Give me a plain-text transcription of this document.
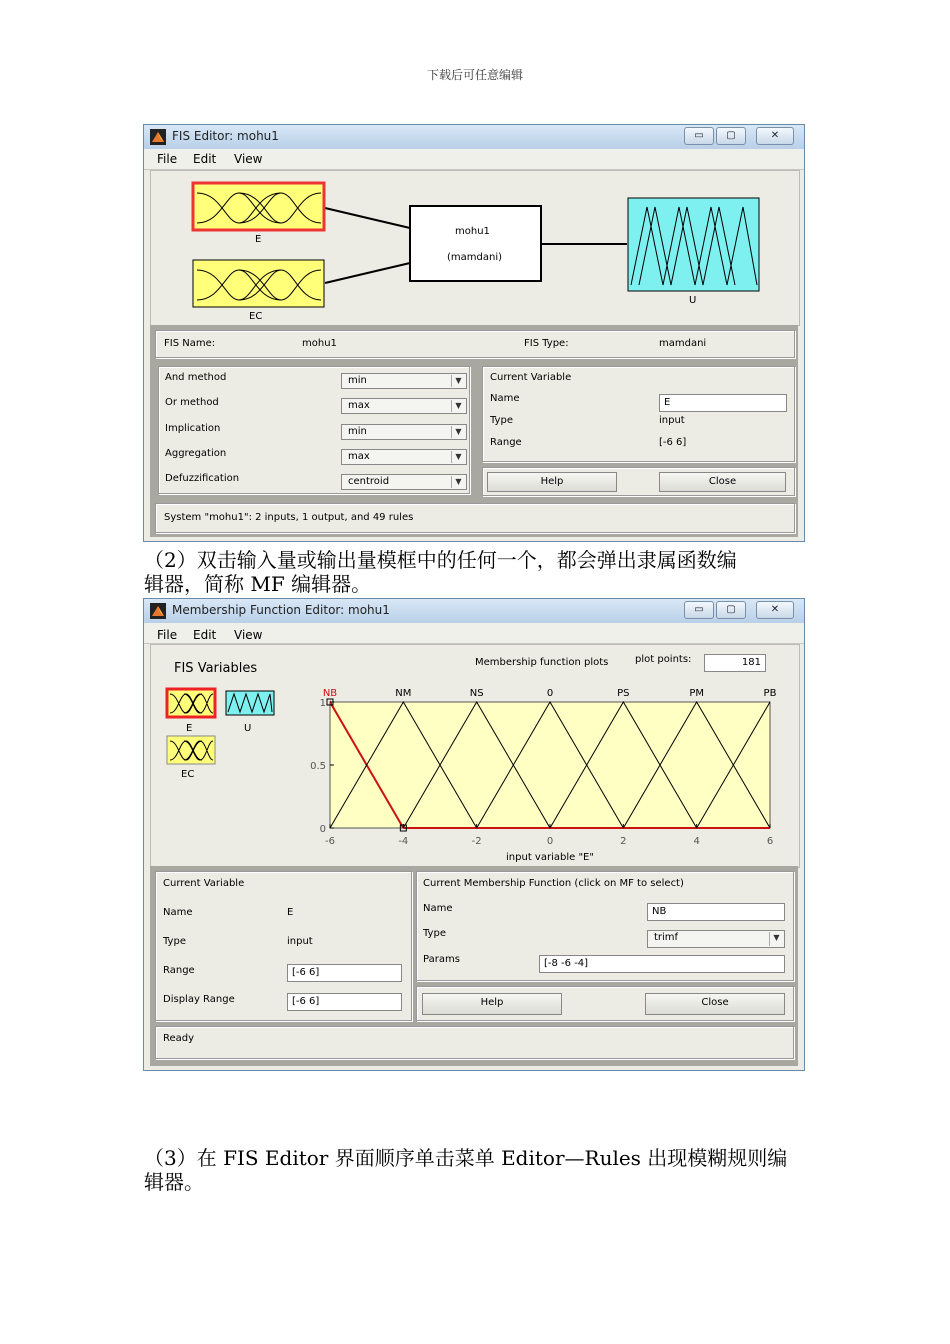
下载后可任意编辑
FIS Editor: mohu1	▭	▢	✕
File Edit View
E
EC
mohu1
(mamdani)
U
FIS Name:	mohu1	FIS Type:	mamdani
And method	min	▼
Or method	max	▼
Implication	min	▼
Aggregation	max	▼
Defuzzification	centroid	▼
Current Variable
Name	E
Type	input
Range	[-6 6]
Help	Close
System "mohu1": 2 inputs, 1 output, and 49 rules
（2）双击输入量或输出量模框中的任何一个，都会弹出隶属函数编
辑器，简称 MF 编辑器。
Membership Function Editor: mohu1	▭	▢	✕
File Edit View
FIS Variables
E	U
EC
Membership function plots	plot points:	181
NB	NM	NS	0	PS	PM	PB
-6	-4	-2	0	2	4	6
0
0.5
1
input variable "E"
Current Variable
Name	E
Type	input
Range	[-6 6]
Display Range	[-6 6]
Current Membership Function (click on MF to select)
Name	NB
Type	trimf	▼
Params	[-8 -6 -4]
Help	Close
Ready
（3）在 FIS Editor 界面顺序单击菜单 Editor—Rules 出现模糊规则编
辑器。
